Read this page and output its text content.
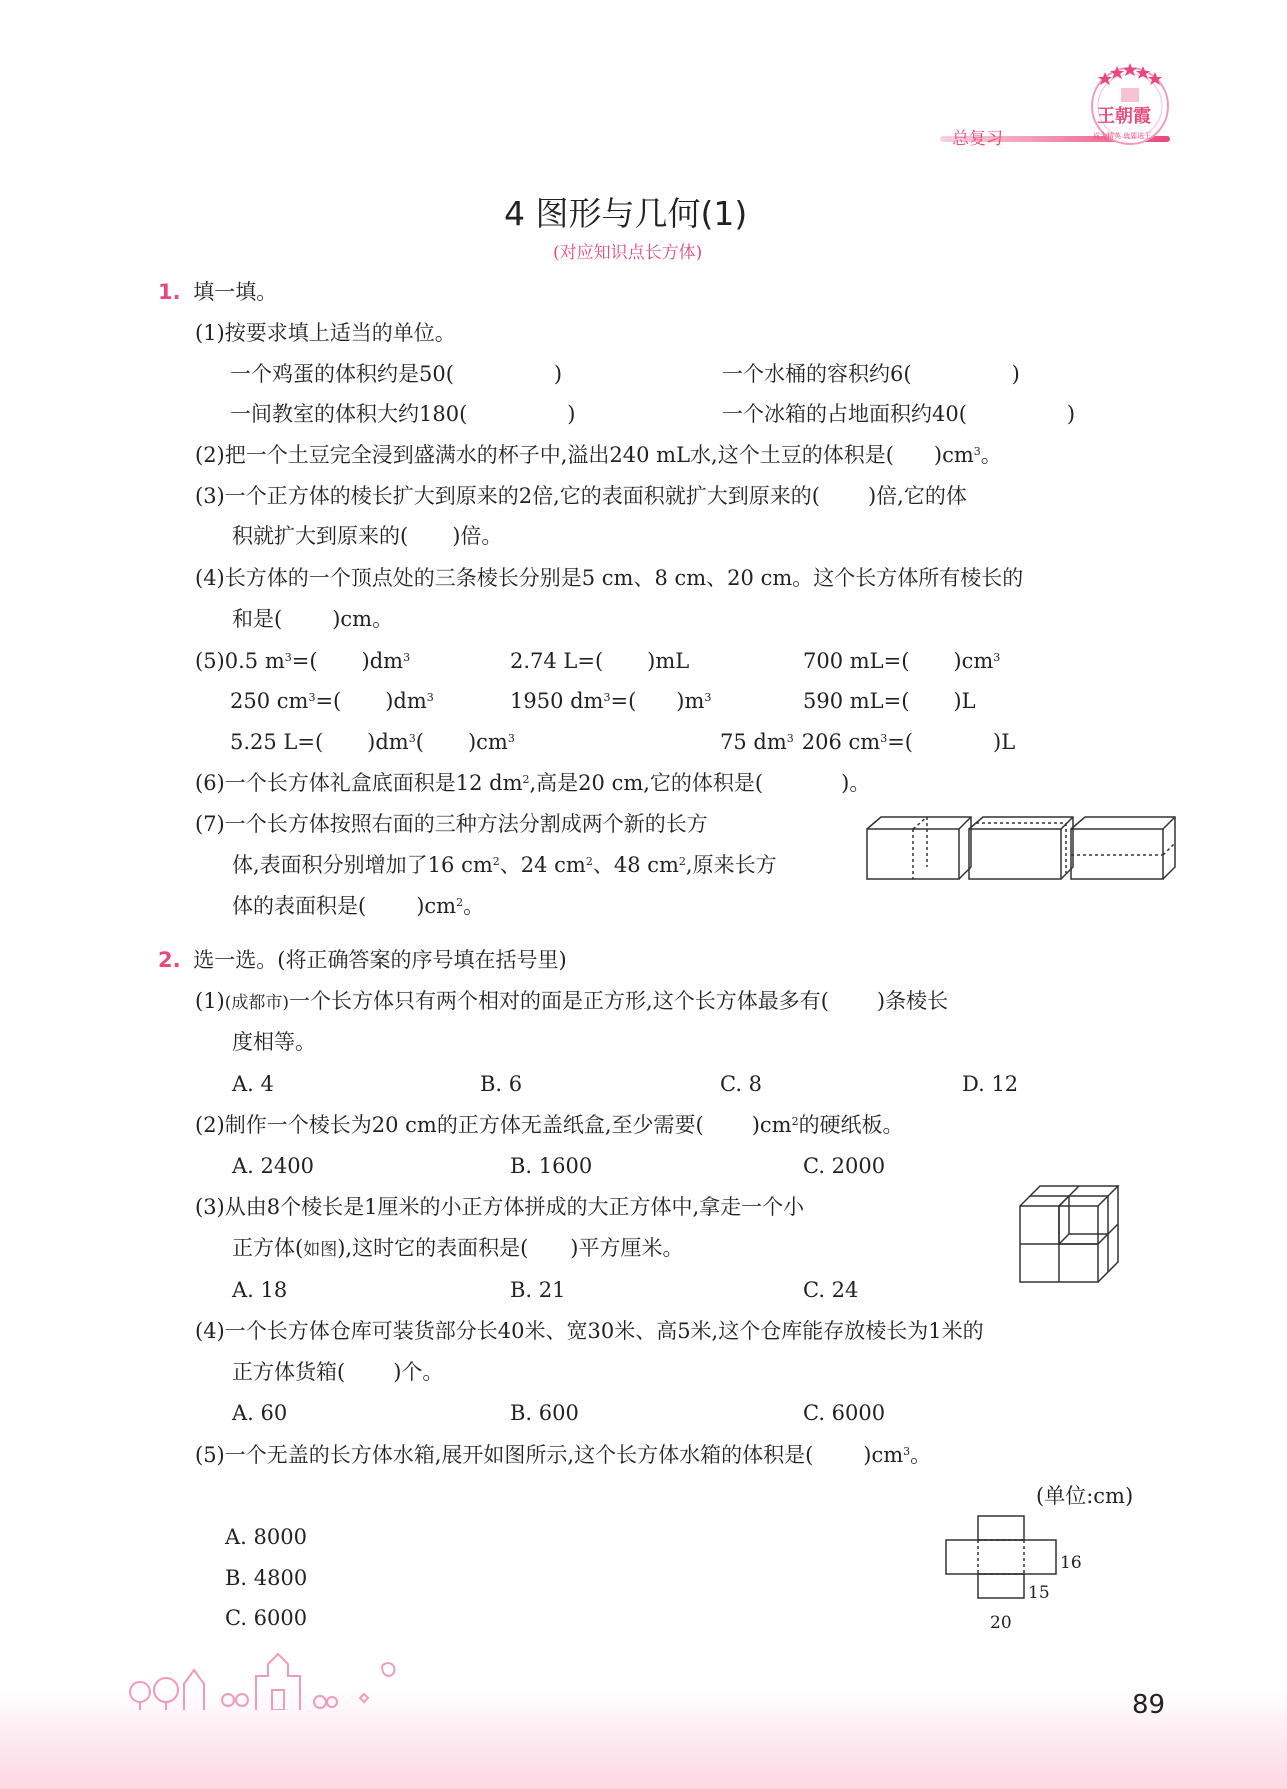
总复习
王朝霞
成为精英 就要选王
4 图形与几何(1)
(对应知识点长方体)
1. 填一填。
(1)按要求填上适当的单位。
一个鸡蛋的体积约是50(	)	一个水桶的容积约6(	)
一间教室的体积大约180(	)	一个冰箱的占地面积约40(	)
(2)把一个土豆完全浸到盛满水的杯子中,溢出240 mL水,这个土豆的体积是( )$cm^3$。
(3)一个正方体的棱长扩大到原来的2倍,它的表面积就扩大到原来的( )倍,它的体
积就扩大到原来的( )倍。
(4)长方体的一个顶点处的三条棱长分别是5 cm、8 cm、20 cm。这个长方体所有棱长的
和是( )cm。
(5)0.5 $m^3=$( )$dm^3$	2.74 L=( )mL	700 mL=( )$cm^3$
250 $cm^3=$( )$dm^3$	1950 $dm^3=$( )$m^3$	590 mL=( )L
5.25 L=( )$dm^3$( )$cm^3$	75 $dm^3$ 206 $cm^3=$(	)L
(6)一个长方体礼盒底面积是12 $dm^2$,高是20 cm,它的体积是(	)。
(7)一个长方体按照右面的三种方法分割成两个新的长方
体,表面积分别增加了16 $cm^2$、24 $cm^2$、48 $cm^2$,原来长方
体的表面积是( )$cm^2$。
2. 选一选。(将正确答案的序号填在括号里)
(1)(成都市)一个长方体只有两个相对的面是正方形,这个长方体最多有( )条棱长
度相等。
A. 4	B. 6	C. 8	D. 12
(2)制作一个棱长为20 cm的正方体无盖纸盒,至少需要( )$cm^2$的硬纸板。
A. 2400	B. 1600	C. 2000
(3)从由8个棱长是1厘米的小正方体拼成的大正方体中,拿走一个小
正方体(如图),这时它的表面积是( )平方厘米。
A. 18	B. 21	C. 24
(4)一个长方体仓库可装货部分长40米、宽30米、高5米,这个仓库能存放棱长为1米的
正方体货箱( )个。
A. 60	B. 600	C. 6000
(5)一个无盖的长方体水箱,展开如图所示,这个长方体水箱的体积是( )$cm^3$。
(单位:cm)
A. 8000
B. 4800
C. 6000
16
15
20
89
